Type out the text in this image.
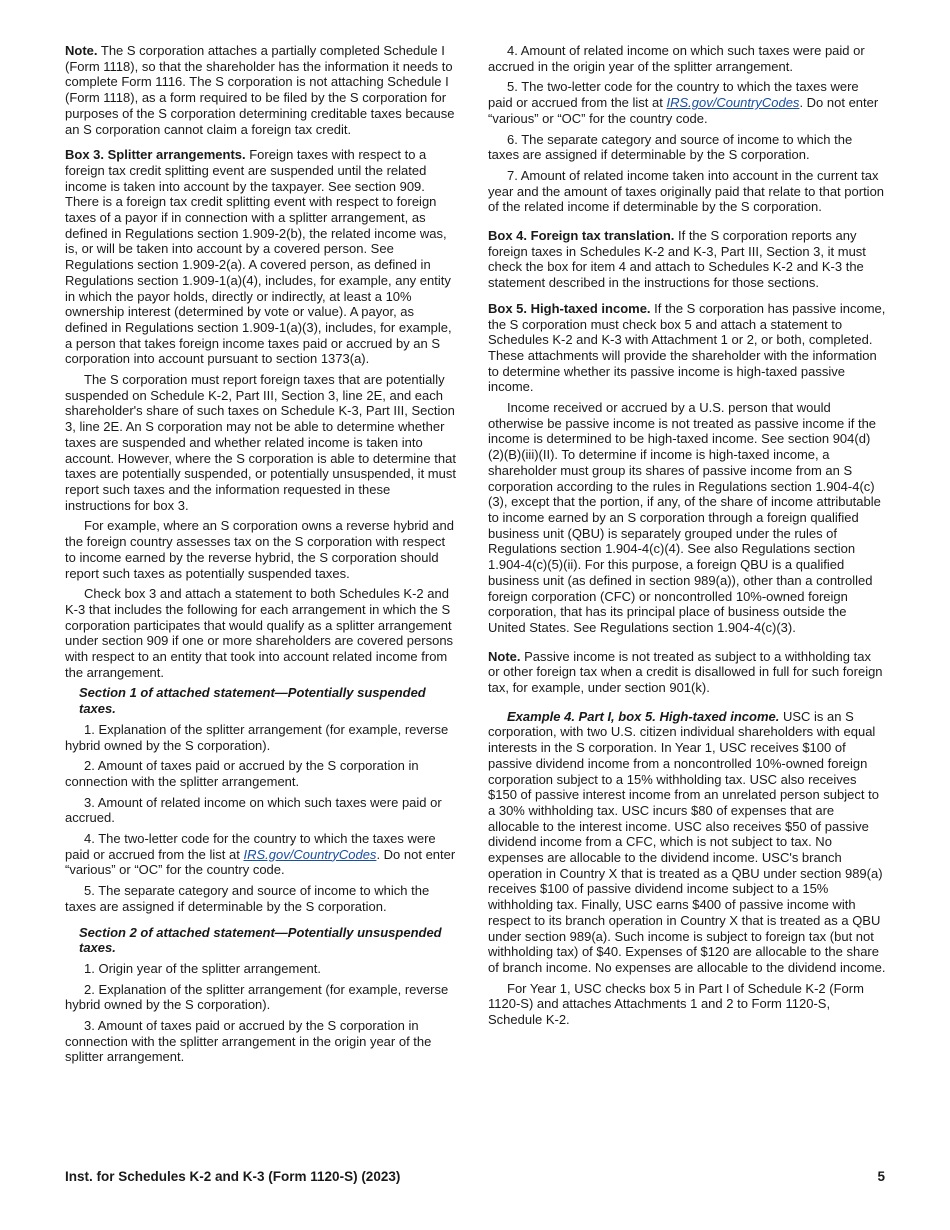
Note. The S corporation attaches a partially completed Schedule I (Form 1118), so that the shareholder has the information it needs to complete Form 1116. The S corporation is not attaching Schedule I (Form 1118), as a form required to be filed by the S corporation for purposes of the S corporation determining creditable taxes because an S corporation cannot claim a foreign tax credit.

Box 3. Splitter arrangements. Foreign taxes with respect to a foreign tax credit splitting event are suspended until the related income is taken into account by the taxpayer. See section 909. There is a foreign tax credit splitting event with respect to foreign taxes of a payor if in connection with a splitter arrangement, as defined in Regulations section 1.909-2(b), the related income was, is, or will be taken into account by a covered person. See Regulations section 1.909-2(a). A covered person, as defined in Regulations section 1.909-1(a)(4), includes, for example, any entity in which the payor holds, directly or indirectly, at least a 10% ownership interest (determined by vote or value). A payor, as defined in Regulations section 1.909-1(a)(3), includes, for example, a person that takes foreign income taxes paid or accrued by an S corporation into account pursuant to section 1373(a).

The S corporation must report foreign taxes that are potentially suspended on Schedule K-2, Part III, Section 3, line 2E, and each shareholder's share of such taxes on Schedule K-3, Part III, Section 3, line 2E. An S corporation may not be able to determine whether taxes are suspended and whether related income is taken into account. However, where the S corporation is able to determine that taxes are potentially suspended, or potentially unsuspended, it must report such taxes and the information requested in these instructions for box 3.

For example, where an S corporation owns a reverse hybrid and the foreign country assesses tax on the S corporation with respect to income earned by the reverse hybrid, the S corporation should report such taxes as potentially suspended taxes.

Check box 3 and attach a statement to both Schedules K-2 and K-3 that includes the following for each arrangement in which the S corporation participates that would qualify as a splitter arrangement under section 909 if one or more shareholders are covered persons with respect to an entity that took into account related income from the arrangement.

Section 1 of attached statement—Potentially suspended taxes.

1. Explanation of the splitter arrangement (for example, reverse hybrid owned by the S corporation).

2. Amount of taxes paid or accrued by the S corporation in connection with the splitter arrangement.

3. Amount of related income on which such taxes were paid or accrued.

4. The two-letter code for the country to which the taxes were paid or accrued from the list at IRS.gov/CountryCodes. Do not enter “various” or “OC” for the country code.

5. The separate category and source of income to which the taxes are assigned if determinable by the S corporation.

Section 2 of attached statement—Potentially unsuspended taxes.

1. Origin year of the splitter arrangement.

2. Explanation of the splitter arrangement (for example, reverse hybrid owned by the S corporation).

3. Amount of taxes paid or accrued by the S corporation in connection with the splitter arrangement in the origin year of the splitter arrangement.

4. Amount of related income on which such taxes were paid or accrued in the origin year of the splitter arrangement.

5. The two-letter code for the country to which the taxes were paid or accrued from the list at IRS.gov/CountryCodes. Do not enter “various” or “OC” for the country code.

6. The separate category and source of income to which the taxes are assigned if determinable by the S corporation.

7. Amount of related income taken into account in the current tax year and the amount of taxes originally paid that relate to that portion of the related income if determinable by the S corporation.

Box 4. Foreign tax translation. If the S corporation reports any foreign taxes in Schedules K-2 and K-3, Part III, Section 3, it must check the box for item 4 and attach to Schedules K-2 and K-3 the statement described in the instructions for those sections.

Box 5. High-taxed income. If the S corporation has passive income, the S corporation must check box 5 and attach a statement to Schedules K-2 and K-3 with Attachment 1 or 2, or both, completed. These attachments will provide the shareholder with the information to determine whether its passive income is high-taxed passive income.

Income received or accrued by a U.S. person that would otherwise be passive income is not treated as passive income if the income is determined to be high-taxed income. See section 904(d)(2)(B)(iii)(II). To determine if income is high-taxed income, a shareholder must group its shares of passive income from an S corporation according to the rules in Regulations section 1.904-4(c)(3), except that the portion, if any, of the share of income attributable to income earned by an S corporation through a foreign qualified business unit (QBU) is separately grouped under the rules of Regulations section 1.904-4(c)(4). See also Regulations section 1.904-4(c)(5)(ii). For this purpose, a foreign QBU is a qualified business unit (as defined in section 989(a)), other than a controlled foreign corporation (CFC) or noncontrolled 10%-owned foreign corporation, that has its principal place of business outside the United States. See Regulations section 1.904-4(c)(3).

Note. Passive income is not treated as subject to a withholding tax or other foreign tax when a credit is disallowed in full for such foreign tax, for example, under section 901(k).

Example 4. Part I, box 5. High-taxed income. USC is an S corporation, with two U.S. citizen individual shareholders with equal interests in the S corporation. In Year 1, USC receives $100 of passive dividend income from a noncontrolled 10%-owned foreign corporation subject to a 15% withholding tax. USC also receives $150 of passive interest income from an unrelated person subject to a 30% withholding tax. USC incurs $80 of expenses that are allocable to the interest income. USC also receives $50 of passive dividend income from a CFC, which is not subject to tax. No expenses are allocable to the dividend income. USC's branch operation in Country X that is treated as a QBU under section 989(a) receives $100 of passive dividend income subject to a 15% withholding tax. Finally, USC earns $400 of passive income with respect to its branch operation in Country X that is treated as a QBU under section 989(a). Such income is subject to foreign tax (but not withholding tax) of $40. Expenses of $120 are allocable to the share of branch income. No expenses are allocable to the dividend income.

For Year 1, USC checks box 5 in Part I of Schedule K-2 (Form 1120-S) and attaches Attachments 1 and 2 to Form 1120-S, Schedule K-2.

Inst. for Schedules K-2 and K-3 (Form 1120-S) (2023)	5
